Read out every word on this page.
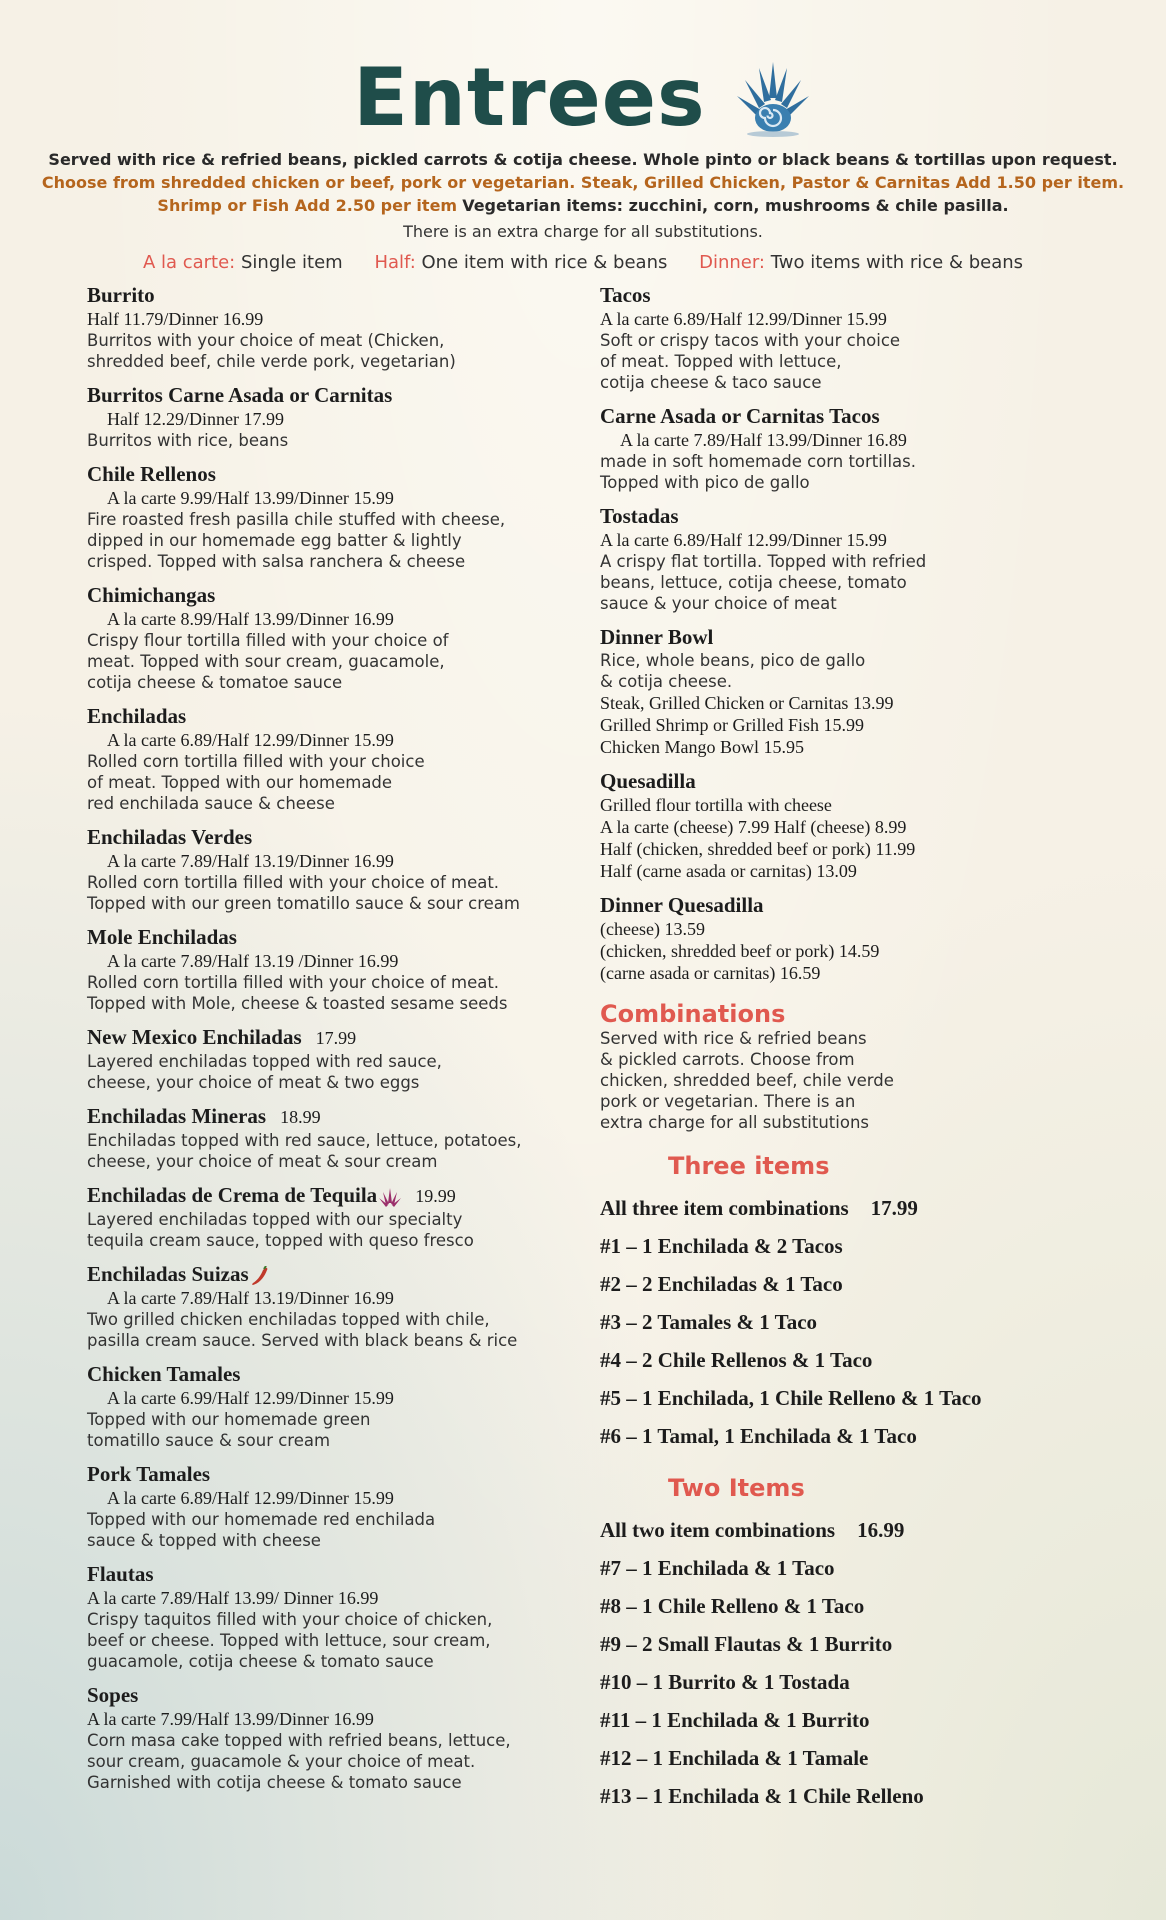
Entrees
Served with rice & refried beans, pickled carrots & cotija cheese. Whole pinto or black beans & tortillas upon request.
Choose from shredded chicken or beef, pork or vegetarian. Steak, Grilled Chicken, Pastor & Carnitas Add 1.50 per item.
Shrimp or Fish Add 2.50 per item Vegetarian items: zucchini, corn, mushrooms & chile pasilla.
There is an extra charge for all substitutions.
A la carte: Single item Half: One item with rice & beans Dinner: Two items with rice & beans
Burrito
Half 11.79/Dinner 16.99
Burritos with your choice of meat (Chicken,
shredded beef, chile verde pork, vegetarian)
Burritos Carne Asada or Carnitas
Half 12.29/Dinner 17.99
Burritos with rice, beans
Chile Rellenos
A la carte 9.99/Half 13.99/Dinner 15.99
Fire roasted fresh pasilla chile stuffed with cheese,
dipped in our homemade egg batter & lightly
crisped. Topped with salsa ranchera & cheese
Chimichangas
A la carte 8.99/Half 13.99/Dinner 16.99
Crispy flour tortilla filled with your choice of
meat. Topped with sour cream, guacamole,
cotija cheese & tomatoe sauce
Enchiladas
A la carte 6.89/Half 12.99/Dinner 15.99
Rolled corn tortilla filled with your choice
of meat. Topped with our homemade
red enchilada sauce & cheese
Enchiladas Verdes
A la carte 7.89/Half 13.19/Dinner 16.99
Rolled corn tortilla filled with your choice of meat.
Topped with our green tomatillo sauce & sour cream
Mole Enchiladas
A la carte 7.89/Half 13.19 /Dinner 16.99
Rolled corn tortilla filled with your choice of meat.
Topped with Mole, cheese & toasted sesame seeds
New Mexico Enchiladas 17.99
Layered enchiladas topped with red sauce,
cheese, your choice of meat & two eggs
Enchiladas Mineras 18.99
Enchiladas topped with red sauce, lettuce, potatoes,
cheese, your choice of meat & sour cream
Enchiladas de Crema de Tequila 19.99
Layered enchiladas topped with our specialty
tequila cream sauce, topped with queso fresco
Enchiladas Suizas
A la carte 7.89/Half 13.19/Dinner 16.99
Two grilled chicken enchiladas topped with chile,
pasilla cream sauce. Served with black beans & rice
Chicken Tamales
A la carte 6.99/Half 12.99/Dinner 15.99
Topped with our homemade green
tomatillo sauce & sour cream
Pork Tamales
A la carte 6.89/Half 12.99/Dinner 15.99
Topped with our homemade red enchilada
sauce & topped with cheese
Flautas
A la carte 7.89/Half 13.99/ Dinner 16.99
Crispy taquitos filled with your choice of chicken,
beef or cheese. Topped with lettuce, sour cream,
guacamole, cotija cheese & tomato sauce
Sopes
A la carte 7.99/Half 13.99/Dinner 16.99
Corn masa cake topped with refried beans, lettuce,
sour cream, guacamole & your choice of meat.
Garnished with cotija cheese & tomato sauce
Tacos
A la carte 6.89/Half 12.99/Dinner 15.99
Soft or crispy tacos with your choice
of meat. Topped with lettuce,
cotija cheese & taco sauce
Carne Asada or Carnitas Tacos
A la carte 7.89/Half 13.99/Dinner 16.89
made in soft homemade corn tortillas.
Topped with pico de gallo
Tostadas
A la carte 6.89/Half 12.99/Dinner 15.99
A crispy flat tortilla. Topped with refried
beans, lettuce, cotija cheese, tomato
sauce & your choice of meat
Dinner Bowl
Rice, whole beans, pico de gallo
& cotija cheese.
Steak, Grilled Chicken or Carnitas 13.99
Grilled Shrimp or Grilled Fish 15.99
Chicken Mango Bowl 15.95
Quesadilla
Grilled flour tortilla with cheese
A la carte (cheese) 7.99 Half (cheese) 8.99
Half (chicken, shredded beef or pork) 11.99
Half (carne asada or carnitas) 13.09
Dinner Quesadilla
(cheese) 13.59
(chicken, shredded beef or pork) 14.59
(carne asada or carnitas) 16.59
Combinations
Served with rice & refried beans
& pickled carrots. Choose from
chicken, shredded beef, chile verde
pork or vegetarian. There is an
extra charge for all substitutions
Three items
All three item combinations 17.99
#1 – 1 Enchilada & 2 Tacos
#2 – 2 Enchiladas & 1 Taco
#3 – 2 Tamales & 1 Taco
#4 – 2 Chile Rellenos & 1 Taco
#5 – 1 Enchilada, 1 Chile Relleno & 1 Taco
#6 – 1 Tamal, 1 Enchilada & 1 Taco
Two Items
All two item combinations 16.99
#7 – 1 Enchilada & 1 Taco
#8 – 1 Chile Relleno & 1 Taco
#9 – 2 Small Flautas & 1 Burrito
#10 – 1 Burrito & 1 Tostada
#11 – 1 Enchilada & 1 Burrito
#12 – 1 Enchilada & 1 Tamale
#13 – 1 Enchilada & 1 Chile Relleno
